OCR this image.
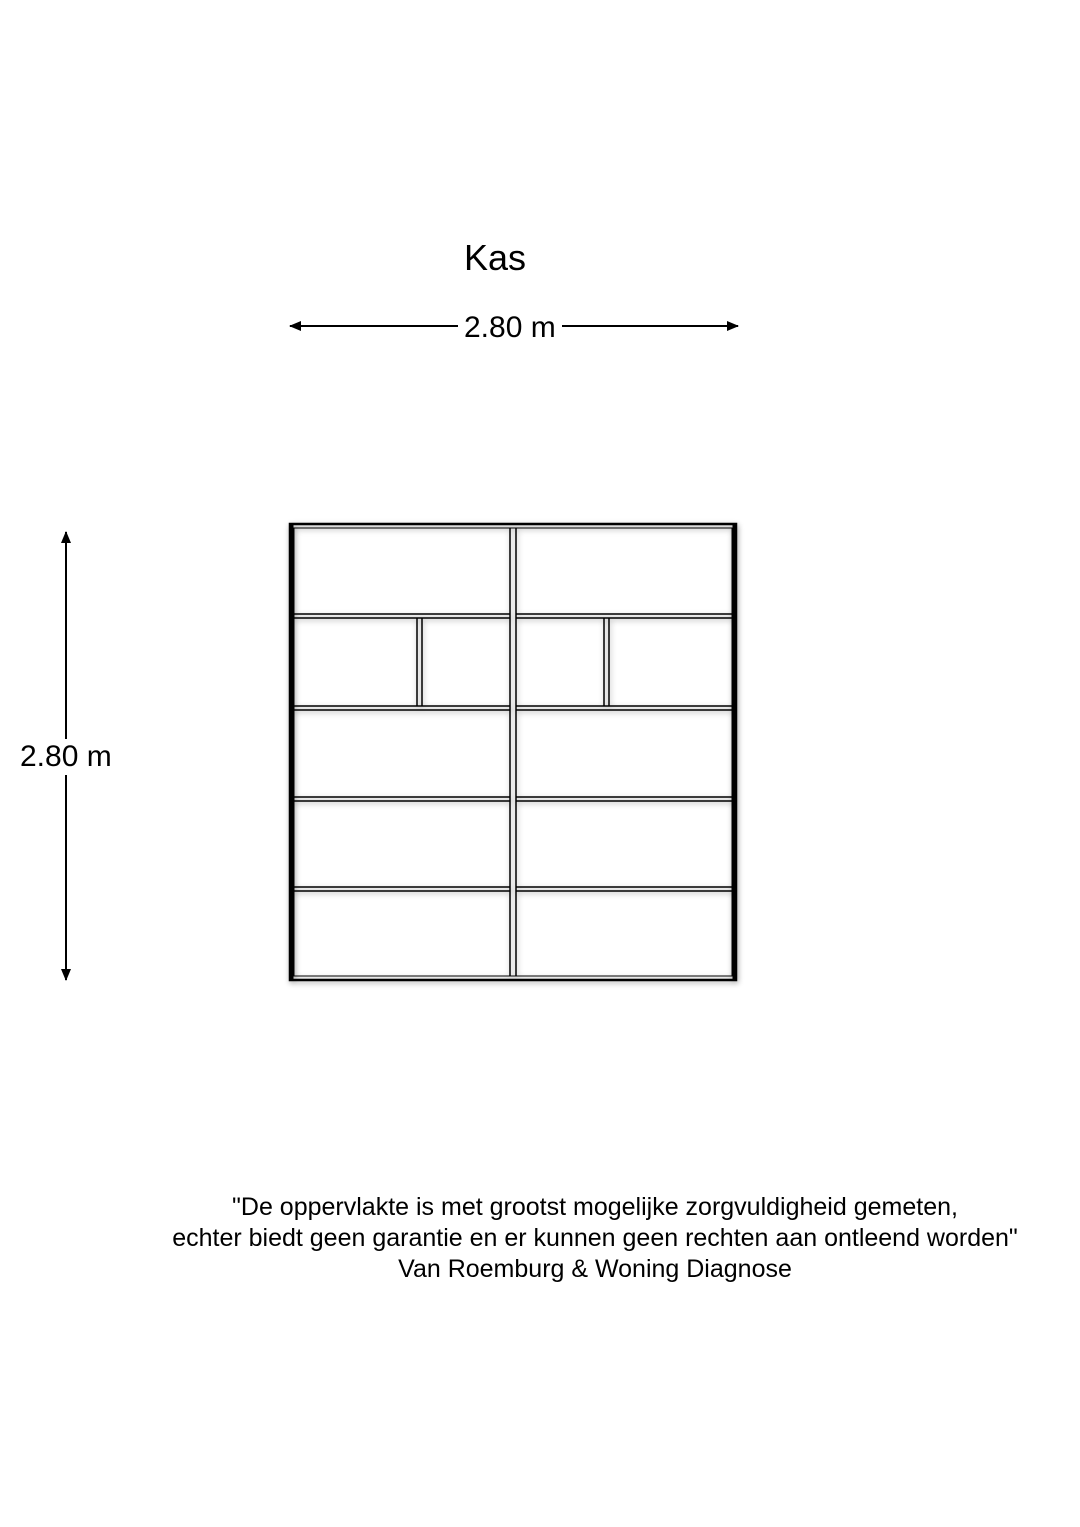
Kas
2.80 m
2.80 m
"De oppervlakte is met grootst mogelijke zorgvuldigheid gemeten,
echter biedt geen garantie en er kunnen geen rechten aan ontleend worden"
Van Roemburg & Woning Diagnose
